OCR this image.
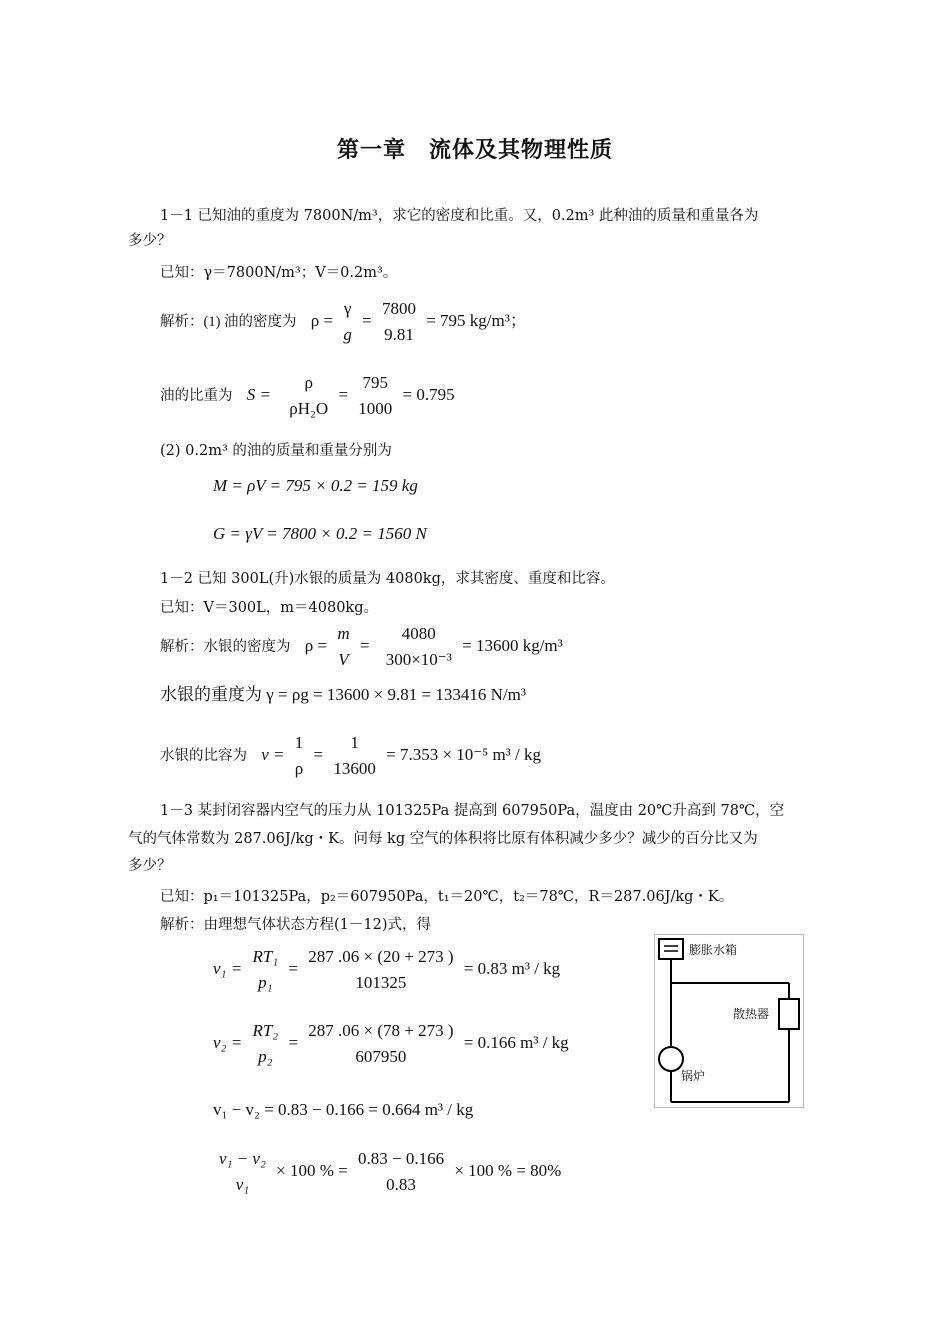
第一章　流体及其物理性质
1－1 已知油的重度为 7800N/m³，求它的密度和比重。又，0.2m³ 此种油的质量和重量各为
多少？
已知：γ＝7800N/m³；V＝0.2m³。
解析：(1) 油的密度为 ρ =
γ
g
=
7800
9.81
= 795 kg/m³；
油的比重为 S =
ρ
ρH₂O
=
795
1000
= 0.795
(2) 0.2m³ 的油的质量和重量分别为
M = ρV = 795 × 0.2 = 159 kg
G = γV = 7800 × 0.2 = 1560 N
1－2 已知 300L(升)水银的质量为 4080kg，求其密度、重度和比容。
已知：V＝300L，m＝4080kg。
解析：水银的密度为 ρ =
m
V
=
4080
300×10⁻³
= 13600 kg/m³
水银的重度为 γ = ρg = 13600 × 9.81 = 133416 N/m³
水银的比容为 v =
1
ρ
=
1
13600
= 7.353 × 10⁻⁵ m³ / kg
1－3 某封闭容器内空气的压力从 101325Pa 提高到 607950Pa，温度由 20℃升高到 78℃，空
气的气体常数为 287.06J/kg・K。问每 kg 空气的体积将比原有体积减少多少？减少的百分比又为
多少？
已知：p₁＝101325Pa，p₂＝607950Pa，t₁＝20℃，t₂＝78℃，R＝287.06J/kg・K。
解析：由理想气体状态方程(1－12)式，得
v₁ =
RT₁
p₁
=
287 .06 × (20 + 273 )
101325
= 0.83 m³ / kg
v₂ =
RT₂
p₂
=
287 .06 × (78 + 273 )
607950
= 0.166 m³ / kg
v₁ − v₂ = 0.83 − 0.166 = 0.664 m³ / kg
v₁ − v₂
v₁
× 100 % =
0.83 − 0.166
0.83
× 100 % = 80%
膨胀水箱
散热器
锅炉
